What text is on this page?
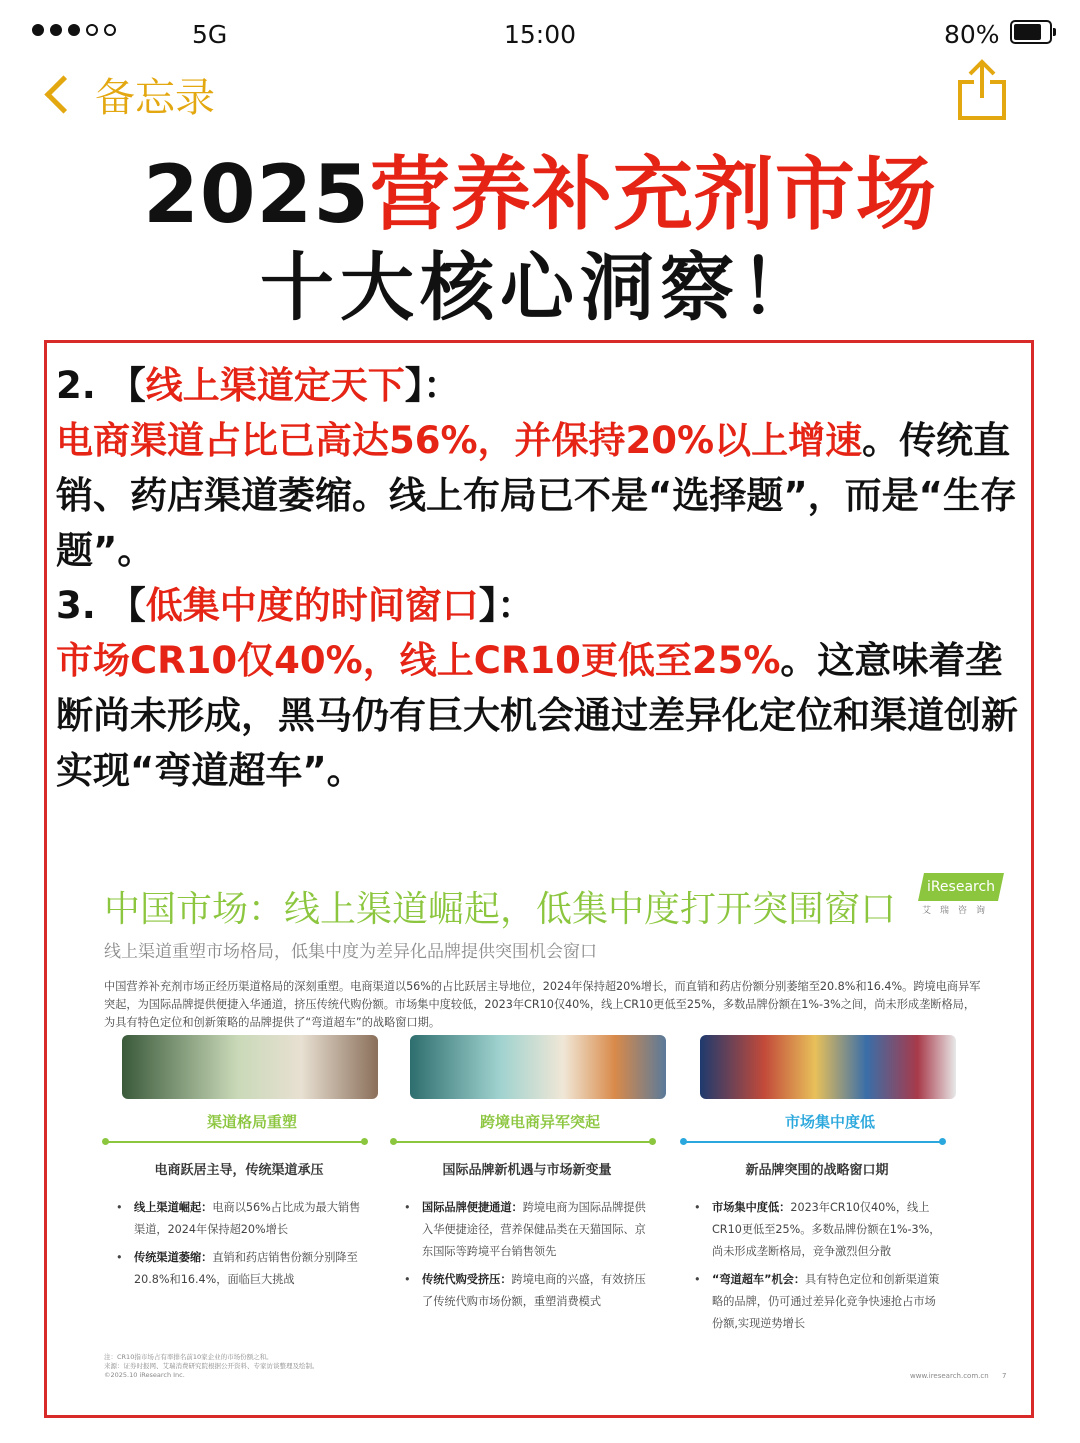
5G	15:00	80%
备忘录
2025营养补充剂市场
十大核心洞察！

2. 【线上渠道定天下】：

电商渠道占比已高达56%，并保持20%以上增速。传统直销、药店渠道萎缩。线上布局已不是“选择题”，而是“生存题”。

3. 【低集中度的时间窗口】：

市场CR10仅40%，线上CR10更低至25%。这意味着垄断尚未形成，黑马仍有巨大机会通过差异化定位和渠道创新实现“弯道超车”。

中国市场：线上渠道崛起，低集中度打开突围窗口
iResearch
艾瑞咨询
线上渠道重塑市场格局，低集中度为差异化品牌提供突围机会窗口
中国营养补充剂市场正经历渠道格局的深刻重塑。电商渠道以56%的占比跃居主导地位，2024年保持超20%增长，而直销和药店份额分别萎缩至20.8%和16.4%。跨境电商异军突起，为国际品牌提供便捷入华通道，挤压传统代购份额。市场集中度较低，2023年CR10仅40%，线上CR10更低至25%，多数品牌份额在1%-3%之间，尚未形成垄断格局，为具有特色定位和创新策略的品牌提供了“弯道超车”的战略窗口期。
渠道格局重塑
电商跃居主导，传统渠道承压
• 线上渠道崛起：电商以56%占比成为最大销售渠道，2024年保持超20%增长
• 传统渠道萎缩：直销和药店销售份额分别降至20.8%和16.4%，面临巨大挑战
跨境电商异军突起
国际品牌新机遇与市场新变量
• 国际品牌便捷通道：跨境电商为国际品牌提供入华便捷途径，营养保健品类在天猫国际、京东国际等跨境平台销售领先
• 传统代购受挤压：跨境电商的兴盛，有效挤压了传统代购市场份额，重塑消费模式
市场集中度低
新品牌突围的战略窗口期
• 市场集中度低：2023年CR10仅40%，线上CR10更低至25%。多数品牌份额在1%-3%，尚未形成垄断格局，竞争激烈但分散
• “弯道超车”机会：具有特色定位和创新渠道策略的品牌，仍可通过差异化竞争快速抢占市场份额,实现逆势增长
注：CR10指市场占有率排名前10家企业的市场份额之和。
来源：证券时报网、艾瑞消费研究院根据公开资料、专家访谈整理及绘制。
©2025.10 iResearch Inc.	www.iresearch.com.cn 7
